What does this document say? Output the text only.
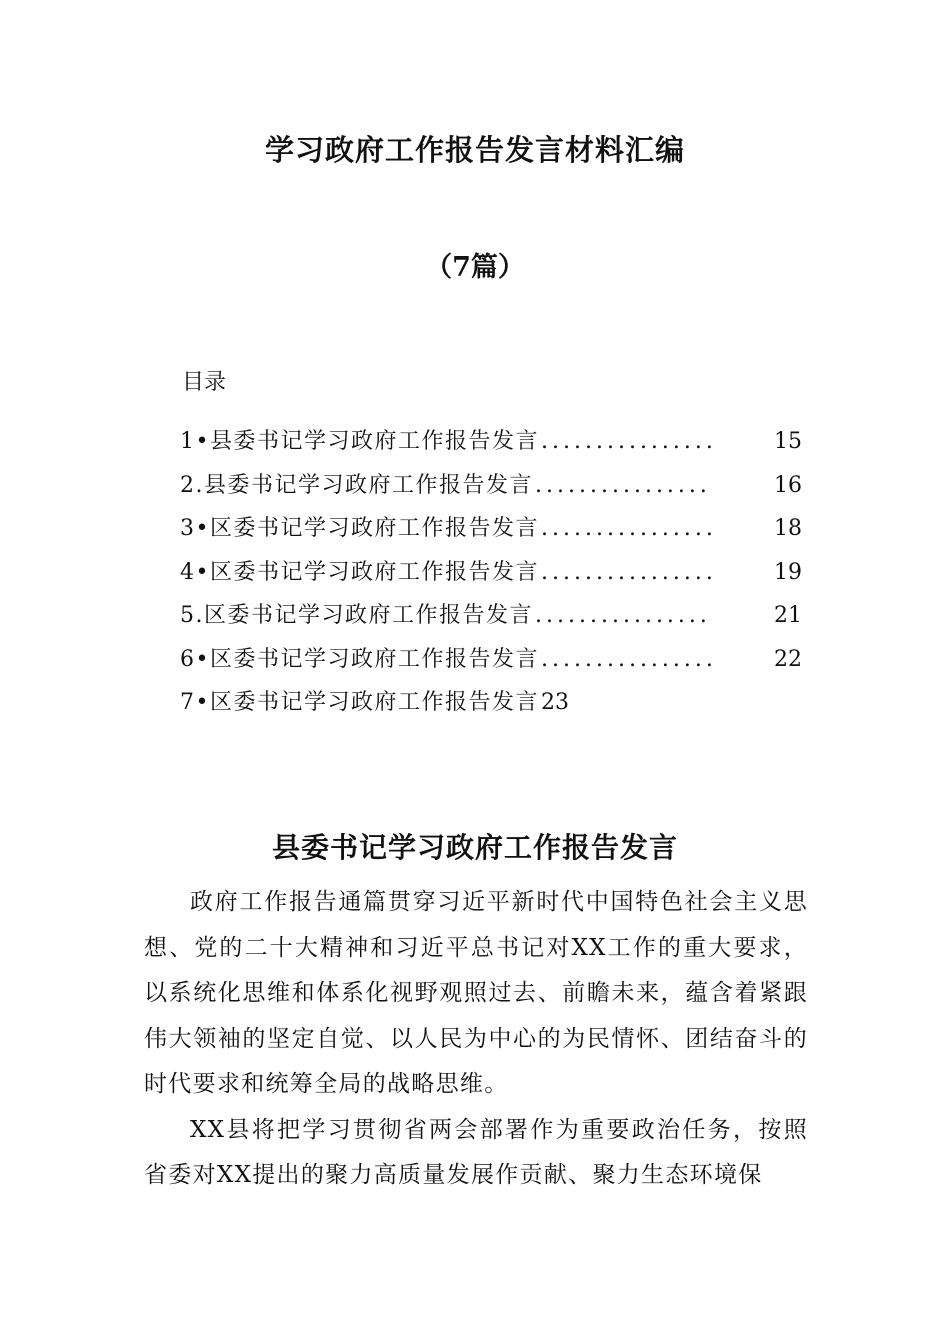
学习政府工作报告发言材料汇编
（7篇）
目录
1• 县委书记学习政府工作报告发言 ................	15
2. 县委书记学习政府工作报告发言 ................	16
3• 区委书记学习政府工作报告发言 ................	18
4• 区委书记学习政府工作报告发言 ................	19
5. 区委书记学习政府工作报告发言 ................	21
6• 区委书记学习政府工作报告发言 ................	22
7• 区委书记学习政府工作报告发言 23
县委书记学习政府工作报告发言

政府工作报告通篇贯穿习近平新时代中国特色社会主义思想、党的二十大精神和习近平总书记对XX工作的重大要求，以系统化思维和体系化视野观照过去、前瞻未来，蕴含着紧跟伟大领袖的坚定自觉、以人民为中心的为民情怀、团结奋斗的时代要求和统筹全局的战略思维。

XX县将把学习贯彻省两会部署作为重要政治任务，按照省委对XX提出的聚力高质量发展作贡献、聚力生态环境保
